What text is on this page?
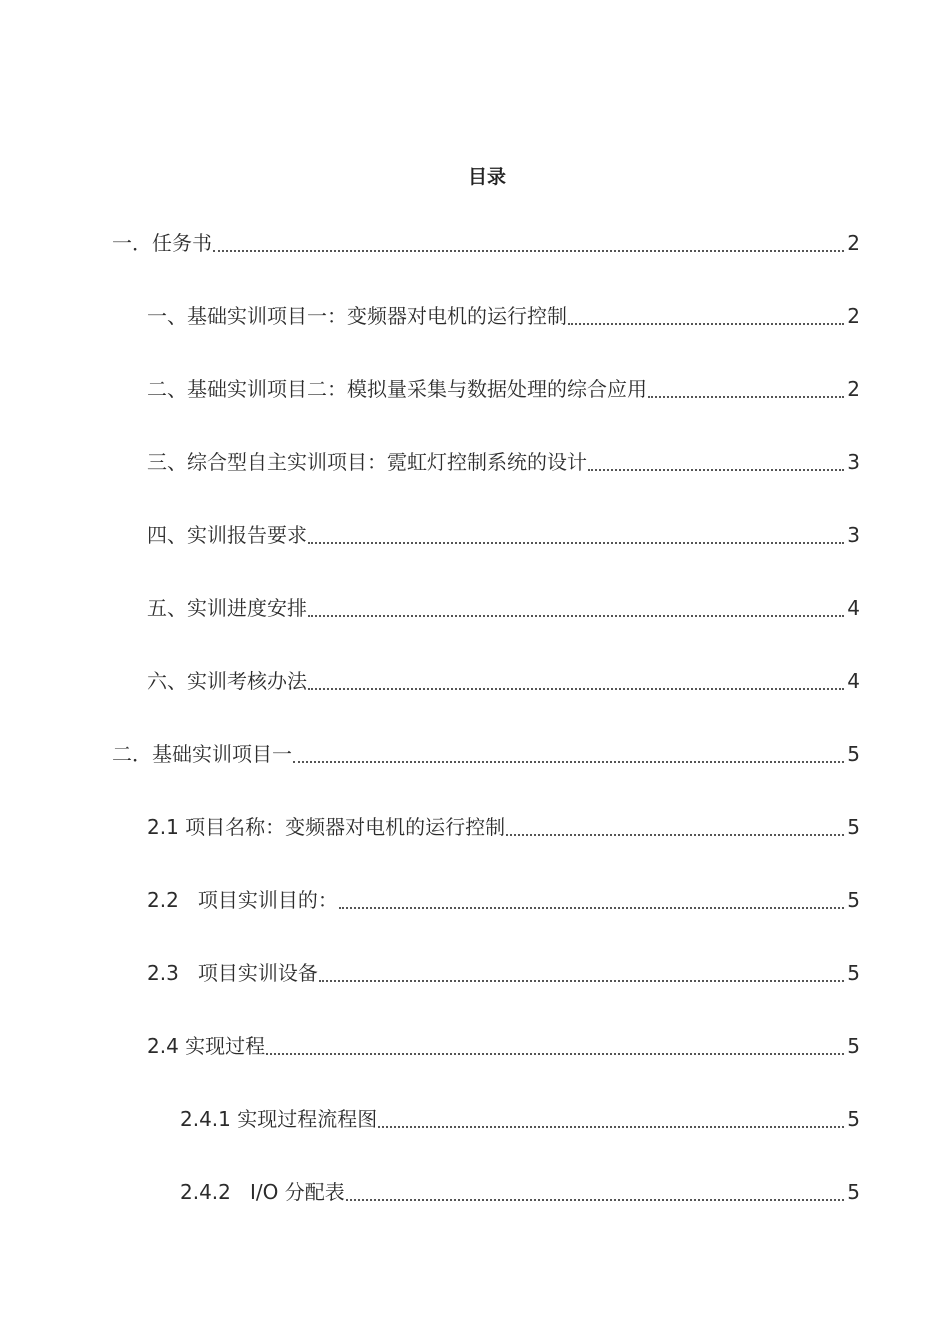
目录
一．任务书	2
一、基础实训项目一：变频器对电机的运行控制	2
二、基础实训项目二：模拟量采集与数据处理的综合应用	2
三、综合型自主实训项目：霓虹灯控制系统的设计	3
四、实训报告要求	3
五、实训进度安排	4
六、实训考核办法	4
二．基础实训项目一	5
2.1 项目名称：变频器对电机的运行控制	5
2.2   项目实训目的：	5
2.3   项目实训设备	5
2.4 实现过程	5
2.4.1 实现过程流程图	5
2.4.2   I/O 分配表	5
